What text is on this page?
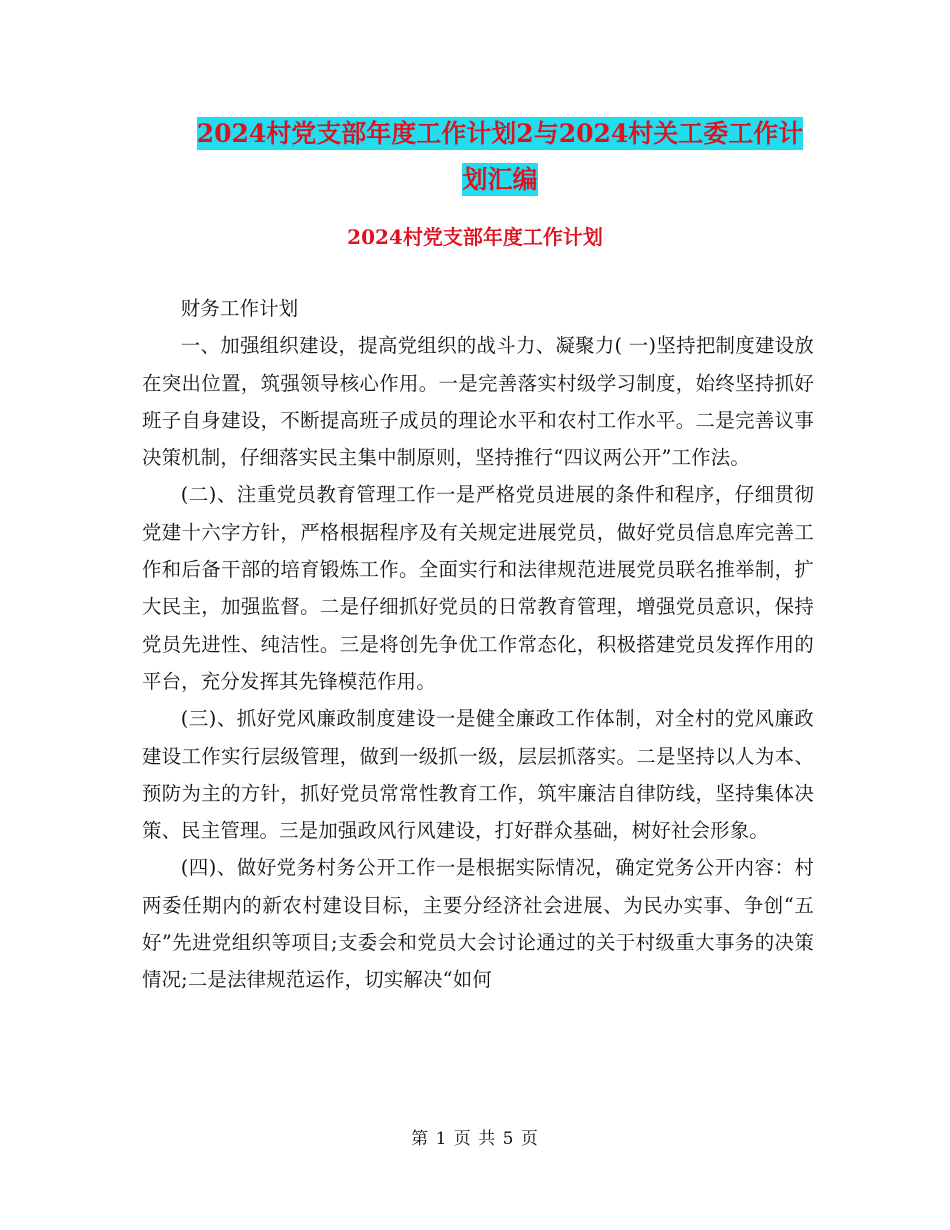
2024村党支部年度工作计划2与2024村关工委工作计
划汇编
2024村党支部年度工作计划

财务工作计划

一、加强组织建设，提高党组织的战斗力、凝聚力( 一)坚持把制度建设放在突出位置，筑强领导核心作用。一是完善落实村级学习制度，始终坚持抓好班子自身建设，不断提高班子成员的理论水平和农村工作水平。二是完善议事决策机制，仔细落实民主集中制原则，坚持推行“四议两公开”工作法。

(二)、注重党员教育管理工作一是严格党员进展的条件和程序，仔细贯彻党建十六字方针，严格根据程序及有关规定进展党员，做好党员信息库完善工作和后备干部的培育锻炼工作。全面实行和法律规范进展党员联名推举制，扩大民主，加强监督。二是仔细抓好党员的日常教育管理，增强党员意识，保持党员先进性、纯洁性。三是将创先争优工作常态化，积极搭建党员发挥作用的平台，充分发挥其先锋模范作用。

(三)、抓好党风廉政制度建设一是健全廉政工作体制，对全村的党风廉政建设工作实行层级管理，做到一级抓一级，层层抓落实。二是坚持以人为本、预防为主的方针，抓好党员常常性教育工作，筑牢廉洁自律防线，坚持集体决策、民主管理。三是加强政风行风建设，打好群众基础，树好社会形象。

(四)、做好党务村务公开工作一是根据实际情况，确定党务公开内容：村两委任期内的新农村建设目标，主要分经济社会进展、为民办实事、争创“五好”先进党组织等项目;支委会和党员大会讨论通过的关于村级重大事务的决策情况;二是法律规范运作，切实解决“如何

第 1 页 共 5 页
